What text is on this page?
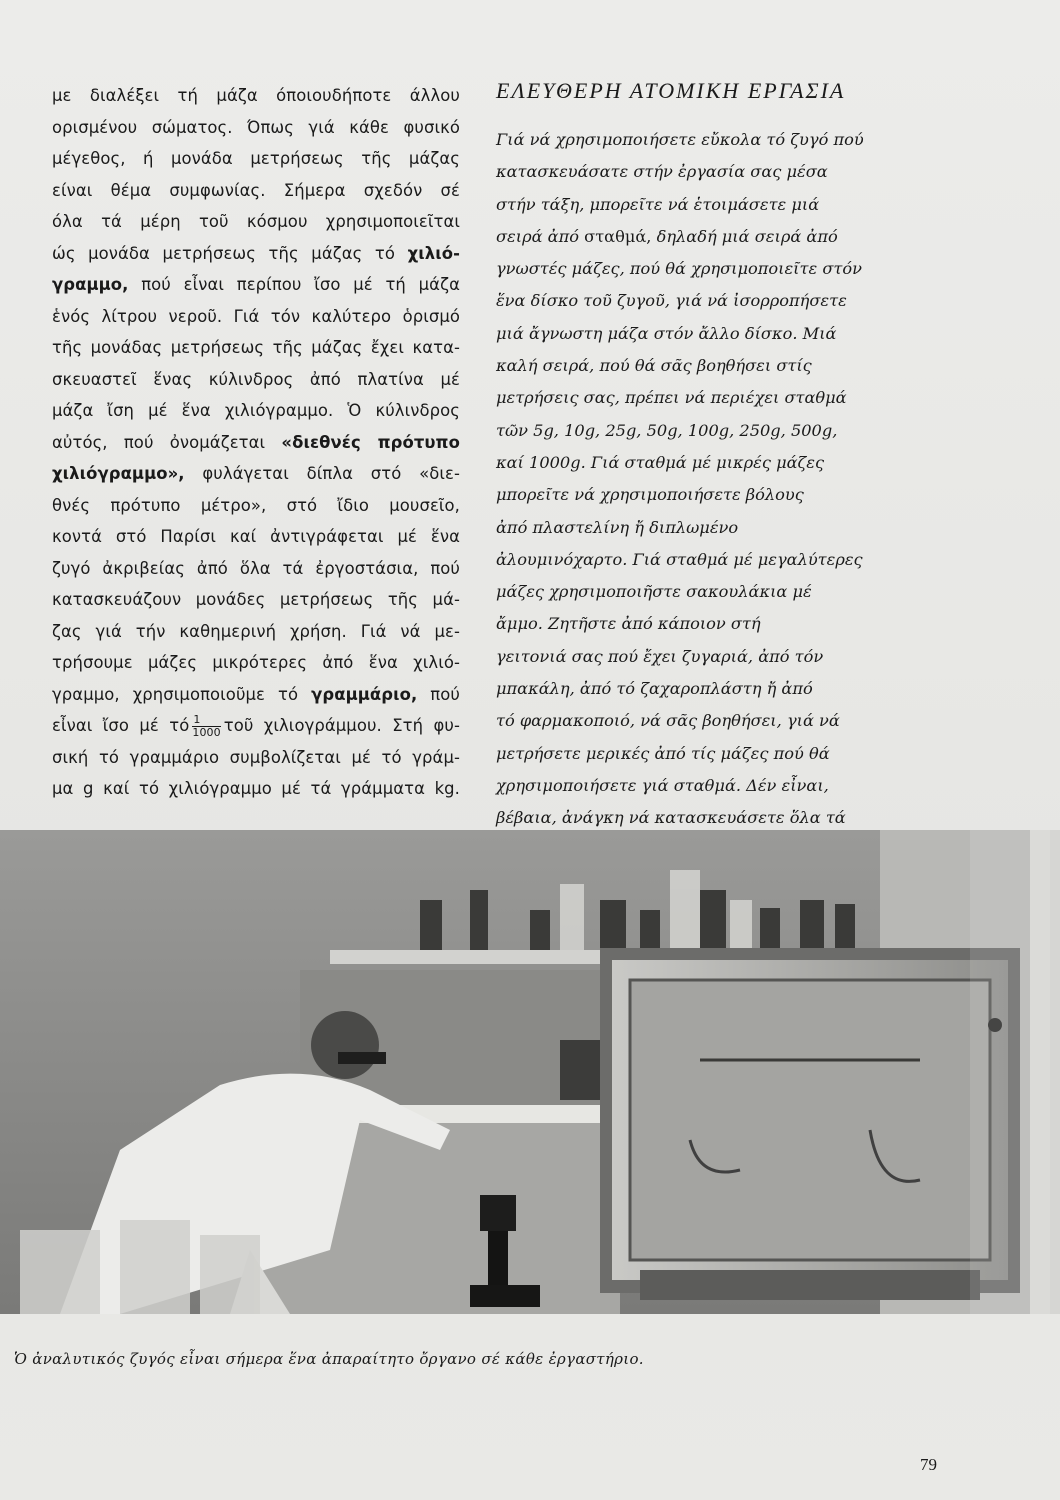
με διαλέξει τή μάζα όποιουδήποτε άλλου
ορισμένου σώματος. Όπως γιά κάθε φυσικό
μέγεθος, ή μονάδα μετρήσεως τῆς μάζας
είναι θέμα συμφωνίας. Σήμερα σχεδόν σέ
όλα τά μέρη τοῦ κόσμου χρησιμοποιεῖται
ώς μονάδα μετρήσεως τῆς μάζας τό χιλιό-
γραμμο, πού εἶναι περίπου ἴσο μέ τή μάζα
ἑνός λίτρου νεροῦ. Γιά τόν καλύτερο ὁρισμό
τῆς μονάδας μετρήσεως τῆς μάζας ἔχει κατα-
σκευαστεῖ ἕνας κύλινδρος ἀπό πλατίνα μέ
μάζα ἴση μέ ἕνα χιλιόγραμμο. Ὁ κύλινδρος
αὐτός, πού ὀνομάζεται «διεθνές πρότυπο
χιλιόγραμμο», φυλάγεται δίπλα στό «διε-
θνές πρότυπο μέτρο», στό ἴδιο μουσεῖο,
κοντά στό Παρίσι καί ἀντιγράφεται μέ ἕνα
ζυγό ἀκριβείας ἀπό ὅλα τά ἐργοστάσια, πού
κατασκευάζουν μονάδες μετρήσεως τῆς μά-
ζας γιά τήν καθημερινή χρήση. Γιά νά με-
τρήσουμε μάζες μικρότερες ἀπό ἕνα χιλιό-
γραμμο, χρησιμοποιοῦμε τό γραμμάριο, πού
εἶναι ἴσο μέ τό $\frac{1}{1000}$ τοῦ χιλιογράμμου. Στή φυ-
σική τό γραμμάριο συμβολίζεται μέ τό γράμ-
μα g καί τό χιλιόγραμμο μέ τά γράμματα kg.
ΕΛΕΥΘΕΡΗ ΑΤΟΜΙΚΗ ΕΡΓΑΣΙΑ
Γιά νά χρησιμοποιήσετε εὔκολα τό ζυγό πού
κατασκευάσατε στήν ἐργασία σας μέσα
στήν τάξη, μπορεῖτε νά ἑτοιμάσετε μιά
σειρά ἀπό σταθμά, δηλαδή μιά σειρά ἀπό
γνωστές μάζες, πού θά χρησιμοποιεῖτε στόν
ἕνα δίσκο τοῦ ζυγοῦ, γιά νά ἰσορροπήσετε
μιά ἄγνωστη μάζα στόν ἄλλο δίσκο. Μιά
καλή σειρά, πού θά σᾶς βοηθήσει στίς
μετρήσεις σας, πρέπει νά περιέχει σταθμά
τῶν 5g, 10g, 25g, 50g, 100g, 250g, 500g,
καί 1000g. Γιά σταθμά μέ μικρές μάζες
μπορεῖτε νά χρησιμοποιήσετε βόλους
ἀπό πλαστελίνη ἤ διπλωμένο
ἀλουμινόχαρτο. Γιά σταθμά μέ μεγαλύτερες
μάζες χρησιμοποιῆστε σακουλάκια μέ
ἄμμο. Ζητῆστε ἀπό κάποιον στή
γειτονιά σας πού ἔχει ζυγαριά, ἀπό τόν
μπακάλη, ἀπό τό ζαχαροπλάστη ἤ ἀπό
τό φαρμακοποιό, νά σᾶς βοηθήσει, γιά νά
μετρήσετε μερικές ἀπό τίς μάζες πού θά
χρησιμοποιήσετε γιά σταθμά. Δέν εἶναι,
βέβαια, ἀνάγκη νά κατασκευάσετε ὅλα τά
Ὁ ἀναλυτικός ζυγός εἶναι σήμερα ἕνα ἀπαραίτητο ὄργανο σέ κάθε ἐργαστήριο.
79
